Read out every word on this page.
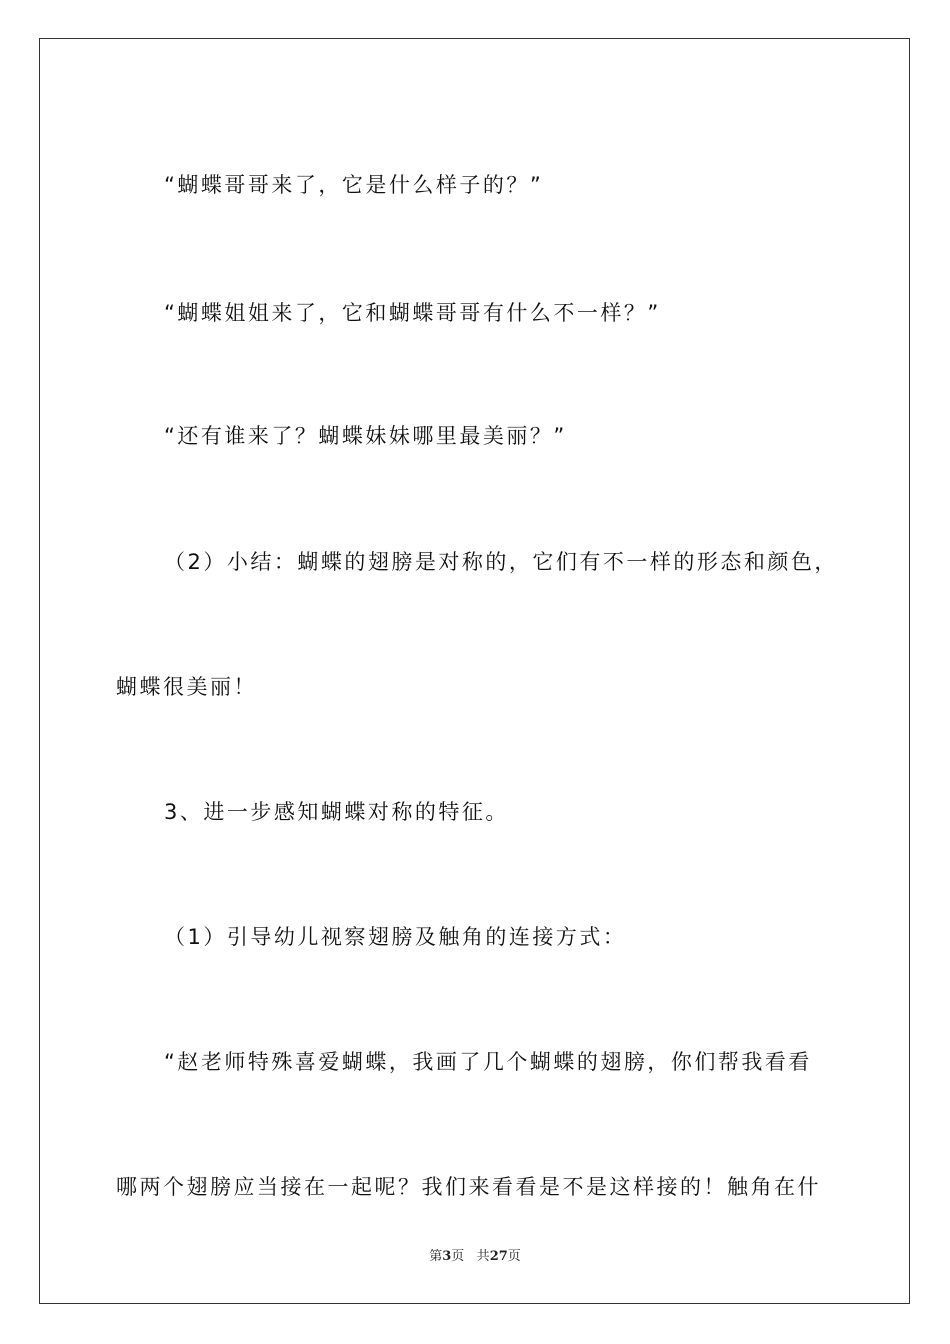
“蝴蝶哥哥来了，它是什么样子的？”
“蝴蝶姐姐来了，它和蝴蝶哥哥有什么不一样？”
“还有谁来了？蝴蝶妹妹哪里最美丽？”
（2）小结：蝴蝶的翅膀是对称的，它们有不一样的形态和颜色，
蝴蝶很美丽！
3、进一步感知蝴蝶对称的特征。
（1）引导幼儿视察翅膀及触角的连接方式：
“赵老师特殊喜爱蝴蝶，我画了几个蝴蝶的翅膀，你们帮我看看
哪两个翅膀应当接在一起呢？我们来看看是不是这样接的！触角在什
第3页 共27页
